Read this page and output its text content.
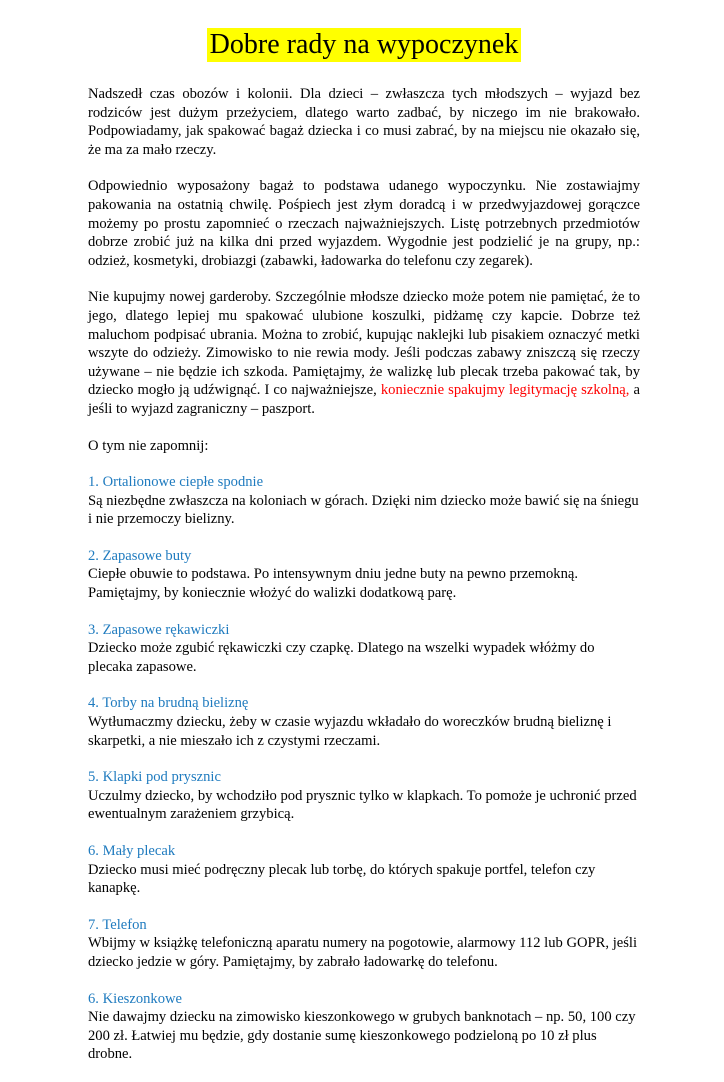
Dobre rady na wypoczynek

Nadszedł czas obozów i kolonii. Dla dzieci – zwłaszcza tych młodszych – wyjazd bez rodziców jest dużym przeżyciem, dlatego warto zadbać, by niczego im nie brakowało. Podpowiadamy, jak spakować bagaż dziecka i co musi zabrać, by na miejscu nie okazało się, że ma za mało rzeczy.

Odpowiednio wyposażony bagaż to podstawa udanego wypoczynku. Nie zostawiajmy pakowania na ostatnią chwilę. Pośpiech jest złym doradcą i w przedwyjazdowej gorączce możemy po prostu zapomnieć o rzeczach najważniejszych. Listę potrzebnych przedmiotów dobrze zrobić już na kilka dni przed wyjazdem. Wygodnie jest podzielić je na grupy, np.: odzież, kosmetyki, drobiazgi (zabawki, ładowarka do telefonu czy zegarek).

Nie kupujmy nowej garderoby. Szczególnie młodsze dziecko może potem nie pamiętać, że to jego, dlatego lepiej mu spakować ulubione koszulki, pidżamę czy kapcie. Dobrze też maluchom podpisać ubrania. Można to zrobić, kupując naklejki lub pisakiem oznaczyć metki wszyte do odzieży. Zimowisko to nie rewia mody. Jeśli podczas zabawy zniszczą się rzeczy używane – nie będzie ich szkoda. Pamiętajmy, że walizkę lub plecak trzeba pakować tak, by dziecko mogło ją udźwignąć. I co najważniejsze, koniecznie spakujmy legitymację szkolną, a jeśli to wyjazd zagraniczny – paszport.

O tym nie zapomnij:

1. Ortalionowe ciepłe spodnie
Są niezbędne zwłaszcza na koloniach w górach. Dzięki nim dziecko może bawić się na śniegu i nie przemoczy bielizny.
2. Zapasowe buty
Ciepłe obuwie to podstawa. Po intensywnym dniu jedne buty na pewno przemokną. Pamiętajmy, by koniecznie włożyć do walizki dodatkową parę.
3. Zapasowe rękawiczki
Dziecko może zgubić rękawiczki czy czapkę. Dlatego na wszelki wypadek włóżmy do plecaka zapasowe.
4. Torby na brudną bieliznę
Wytłumaczmy dziecku, żeby w czasie wyjazdu wkładało do woreczków brudną bieliznę i skarpetki, a nie mieszało ich z czystymi rzeczami.
5. Klapki pod prysznic
Uczulmy dziecko, by wchodziło pod prysznic tylko w klapkach. To pomoże je uchronić przed ewentualnym zarażeniem grzybicą.
6. Mały plecak
Dziecko musi mieć podręczny plecak lub torbę, do których spakuje portfel, telefon czy kanapkę.
7. Telefon
Wbijmy w książkę telefoniczną aparatu numery na pogotowie, alarmowy 112 lub GOPR, jeśli dziecko jedzie w góry. Pamiętajmy, by zabrało ładowarkę do telefonu.
6. Kieszonkowe
Nie dawajmy dziecku na zimowisko kieszonkowego w grubych banknotach – np. 50, 100 czy 200 zł. Łatwiej mu będzie, gdy dostanie sumę kieszonkowego podzieloną po 10 zł plus drobne.
